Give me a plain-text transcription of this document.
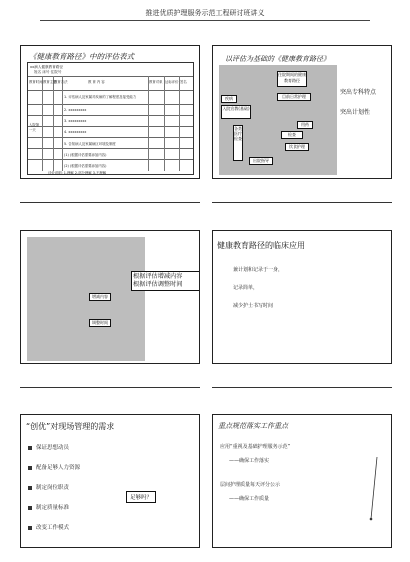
推进优质护理服务示范工程研讨班讲义
《健康教育路径》中的评估表式
xx病人健康教育路径
姓名 床号 住院号
教育时间 教育主题
教育方法	教 育 内 容	教育对象 达标评价 签名
入院第一天
1. 评估病人及家属对疾病的了解程度及接受能力
2. xxxxxxxxx
3. xxxxxxxxx
4. xxxxxxxxx
5. 告知病人及家属病区环境及制度
(1) (根据评估需要添加内容)
(2) (根据评估需要添加内容)
评价说明: 1.理解 2.部分理解 3.不理解
以评估为基础的《健康教育路径》
住院期间的健康教育路径
目前日常护理
疾病
入院宣教(基础)
用药
检查
各类医疗检查
饮食护理
出院指导
突出专科特点
突出计划性
增减内容
调整时间
根据评估增减内容
根据评估调整时间
健康教育路径的临床应用
兼计划和记录于一身，
记录简单，
减少护士书写时间
“创优”对现场管理的需求
保证思想动员
配备足够人力资源
制定岗位职责
制定质量标准
改变工作模式
足够吗？
重点规范落实工作重点
应用“重视及基础护理服务示范”
——确保工作落实
层间护理质量每天评分公示
——确保工作质量
